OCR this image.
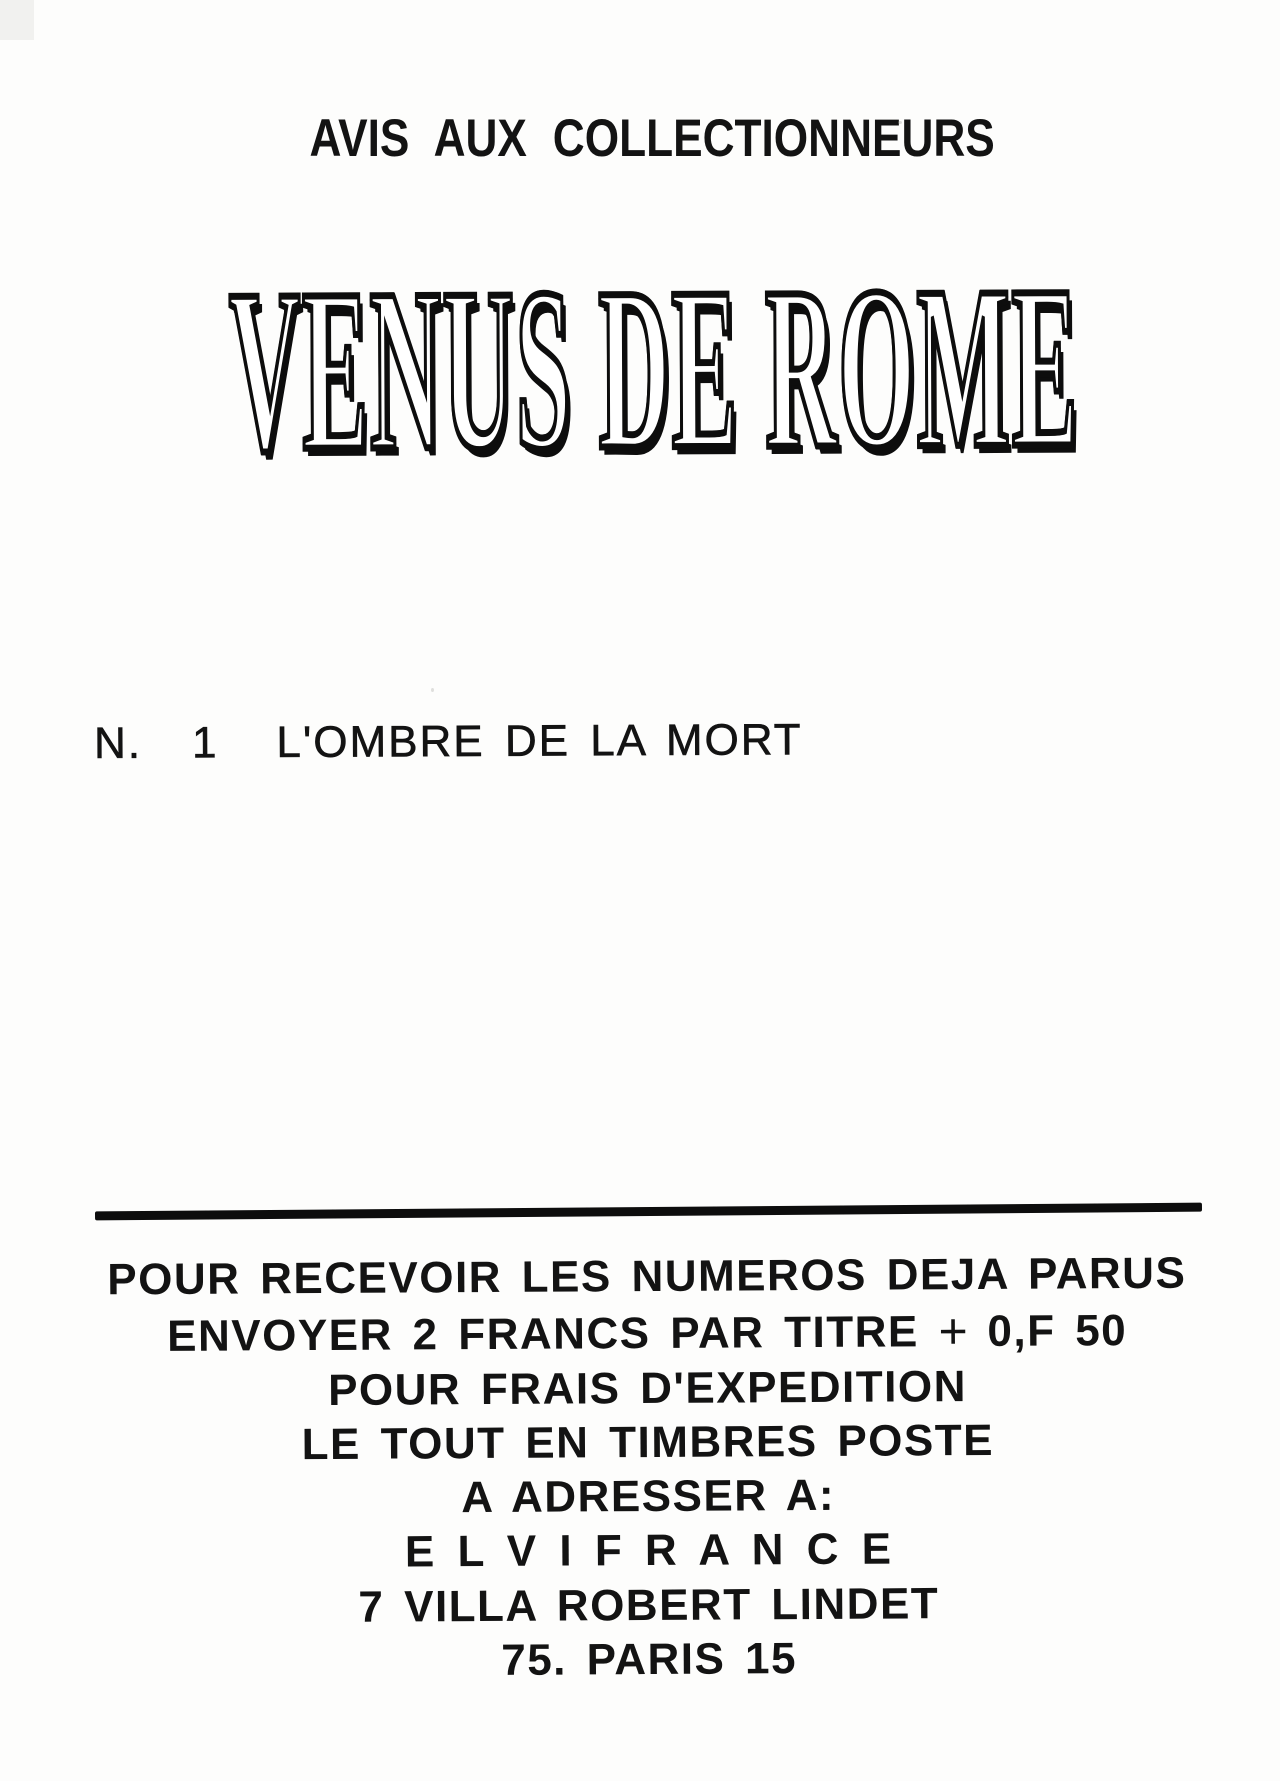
AVIS AUX COLLECTIONNEURS
VENUS DE ROME
N. 1 L'OMBRE DE LA MORT
POUR RECEVOIR LES NUMEROS DEJA PARUS
ENVOYER 2 FRANCS PAR TITRE + 0,F 50
POUR FRAIS D'EXPEDITION
LE TOUT EN TIMBRES POSTE
A ADRESSER A:
E L V I F R A N C E
7 VILLA ROBERT LINDET
75. PARIS 15
